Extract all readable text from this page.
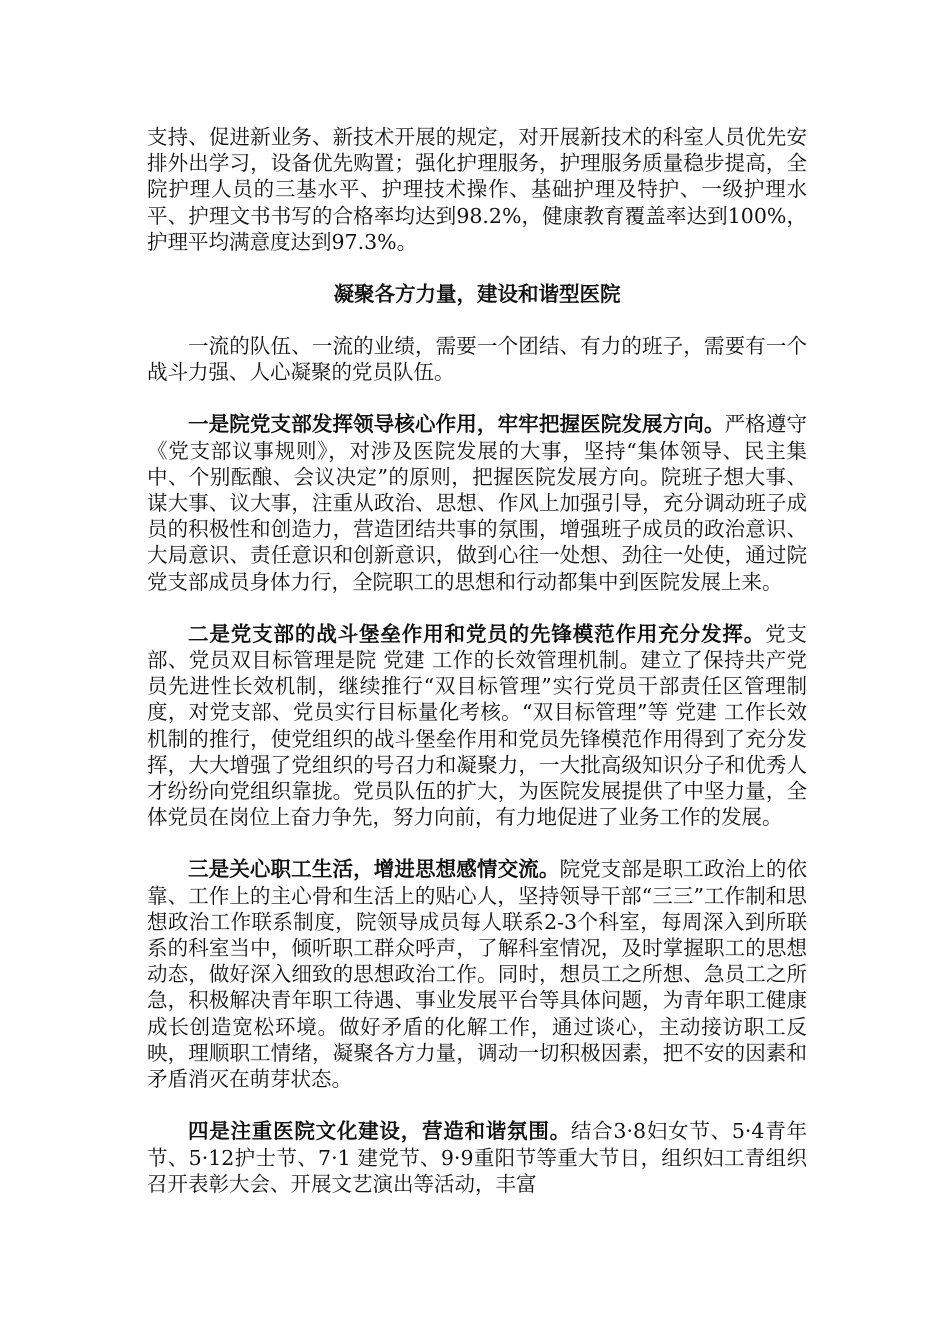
支持、促进新业务、新技术开展的规定，对开展新技术的科室人员优先安排外出学习，设备优先购置；强化护理服务，护理服务质量稳步提高，全院护理人员的三基水平、护理技术操作、基础护理及特护、一级护理水平、护理文书书写的合格率均达到98.2%，健康教育覆盖率达到100%，护理平均满意度达到97.3%。

凝聚各方力量，建设和谐型医院

一流的队伍、一流的业绩，需要一个团结、有力的班子，需要有一个战斗力强、人心凝聚的党员队伍。

一是院党支部发挥领导核心作用，牢牢把握医院发展方向。严格遵守《党支部议事规则》，对涉及医院发展的大事，坚持“集体领导、民主集中、个别酝酿、会议决定”的原则，把握医院发展方向。院班子想大事、谋大事、议大事，注重从政治、思想、作风上加强引导，充分调动班子成员的积极性和创造力，营造团结共事的氛围，增强班子成员的政治意识、大局意识、责任意识和创新意识，做到心往一处想、劲往一处使，通过院党支部成员身体力行，全院职工的思想和行动都集中到医院发展上来。

二是党支部的战斗堡垒作用和党员的先锋模范作用充分发挥。党支部、党员双目标管理是院 党建 工作的长效管理机制。建立了保持共产党员先进性长效机制，继续推行“双目标管理”实行党员干部责任区管理制度，对党支部、党员实行目标量化考核。“双目标管理”等 党建 工作长效机制的推行，使党组织的战斗堡垒作用和党员先锋模范作用得到了充分发挥，大大增强了党组织的号召力和凝聚力，一大批高级知识分子和优秀人才纷纷向党组织靠拢。党员队伍的扩大，为医院发展提供了中坚力量，全体党员在岗位上奋力争先，努力向前，有力地促进了业务工作的发展。

三是关心职工生活，增进思想感情交流。院党支部是职工政治上的依靠、工作上的主心骨和生活上的贴心人，坚持领导干部“三三”工作制和思想政治工作联系制度，院领导成员每人联系2-3个科室，每周深入到所联系的科室当中，倾听职工群众呼声，了解科室情况，及时掌握职工的思想动态，做好深入细致的思想政治工作。同时，想员工之所想、急员工之所急，积极解决青年职工待遇、事业发展平台等具体问题，为青年职工健康成长创造宽松环境。做好矛盾的化解工作，通过谈心，主动接访职工反映，理顺职工情绪，凝聚各方力量，调动一切积极因素，把不安的因素和矛盾消灭在萌芽状态。

四是注重医院文化建设，营造和谐氛围。结合3·8妇女节、5·4青年节、5·12护士节、7·1 建党节、9·9重阳节等重大节日，组织妇工青组织召开表彰大会、开展文艺演出等活动，丰富
